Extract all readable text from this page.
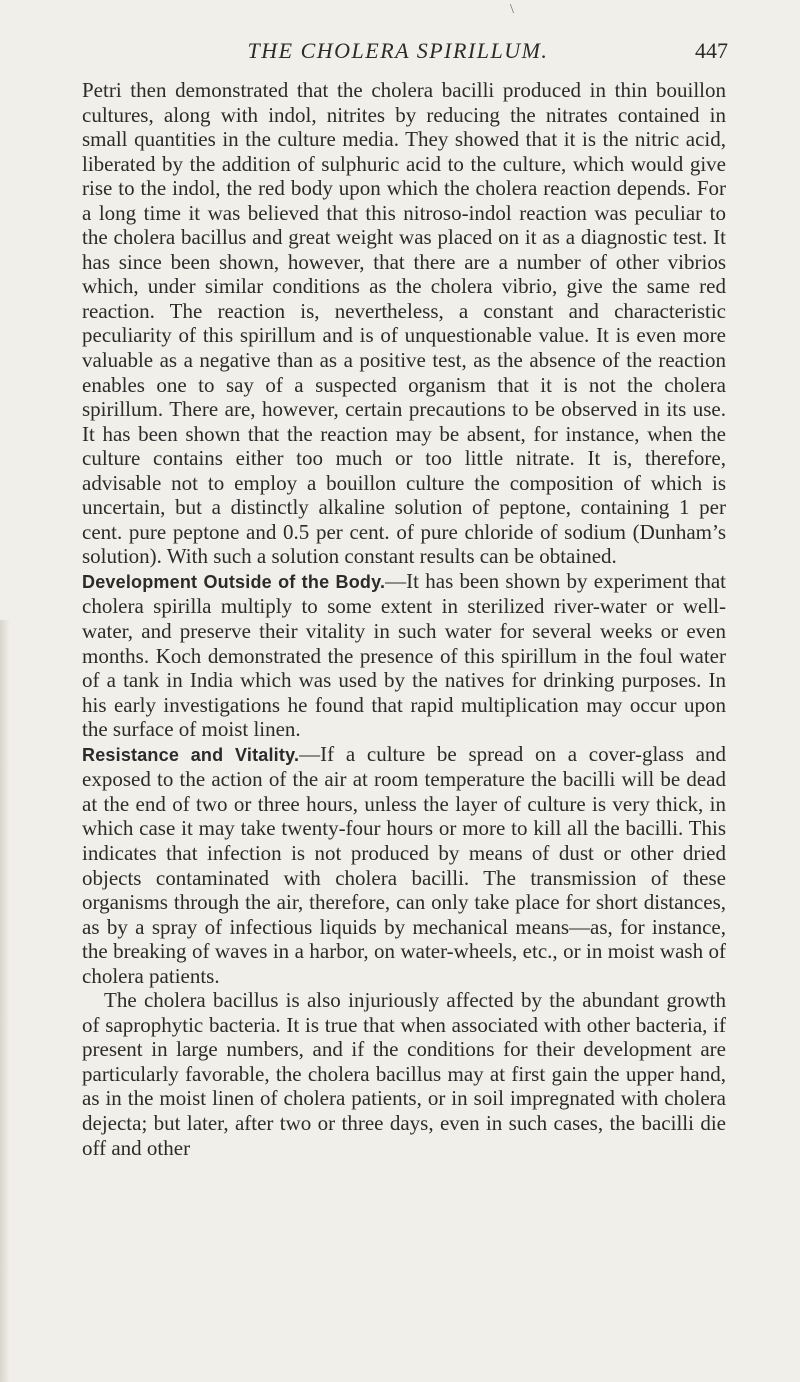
\
THE CHOLERA SPIRILLUM.	447

Petri then demonstrated that the cholera bacilli produced in thin bouillon cultures, along with indol, nitrites by reducing the nitrates contained in small quantities in the culture media. They showed that it is the nitric acid, liberated by the addition of sulphuric acid to the culture, which would give rise to the indol, the red body upon which the cholera reaction depends. For a long time it was believed that this nitroso-indol reaction was peculiar to the cholera bacillus and great weight was placed on it as a diagnostic test. It has since been shown, however, that there are a number of other vibrios which, under similar conditions as the cholera vibrio, give the same red reaction. The reaction is, nevertheless, a constant and characteristic peculiarity of this spirillum and is of unquestionable value. It is even more valuable as a negative than as a positive test, as the absence of the reaction enables one to say of a suspected organism that it is not the cholera spirillum. There are, however, certain precautions to be observed in its use. It has been shown that the reaction may be absent, for instance, when the culture contains either too much or too little nitrate. It is, therefore, advisable not to employ a bouillon culture the composition of which is uncertain, but a distinctly alkaline solution of peptone, containing 1 per cent. pure peptone and 0.5 per cent. of pure chloride of sodium (Dunham’s solution). With such a solution constant results can be obtained.

Development Outside of the Body.—It has been shown by experiment that cholera spirilla multiply to some extent in sterilized river-water or well-water, and preserve their vitality in such water for several weeks or even months. Koch demonstrated the presence of this spirillum in the foul water of a tank in India which was used by the natives for drinking purposes. In his early investigations he found that rapid multiplication may occur upon the surface of moist linen.

Resistance and Vitality.—If a culture be spread on a cover-glass and exposed to the action of the air at room temperature the bacilli will be dead at the end of two or three hours, unless the layer of culture is very thick, in which case it may take twenty-four hours or more to kill all the bacilli. This indicates that infection is not produced by means of dust or other dried objects contaminated with cholera bacilli. The transmission of these organisms through the air, therefore, can only take place for short distances, as by a spray of infectious liquids by mechanical means—as, for instance, the breaking of waves in a harbor, on water-wheels, etc., or in moist wash of cholera patients.

The cholera bacillus is also injuriously affected by the abundant growth of saprophytic bacteria. It is true that when associated with other bacteria, if present in large numbers, and if the conditions for their development are particularly favorable, the cholera bacillus may at first gain the upper hand, as in the moist linen of cholera patients, or in soil impregnated with cholera dejecta; but later, after two or three days, even in such cases, the bacilli die off and other
